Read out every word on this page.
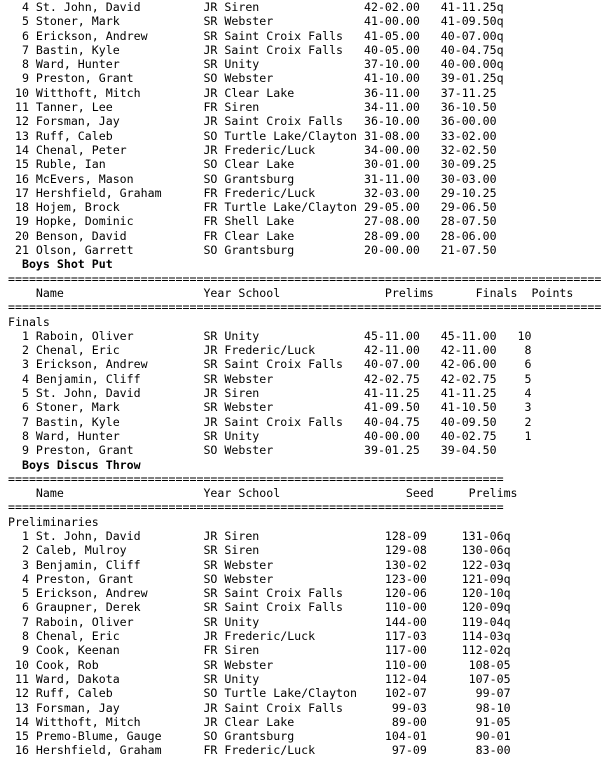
4 St. John, David         JR Siren               42-02.00   41-11.25q
5 Stoner, Mark            SR Webster             41-00.00   41-09.50q
6 Erickson, Andrew        SR Saint Croix Falls   41-05.00   40-07.00q
7 Bastin, Kyle            JR Saint Croix Falls   40-05.00   40-04.75q
8 Ward, Hunter            SR Unity               37-10.00   40-00.00q
9 Preston, Grant          SO Webster             41-10.00   39-01.25q
10 Witthoft, Mitch         JR Clear Lake          36-11.00   37-11.25
11 Tanner, Lee             FR Siren               34-11.00   36-10.50
12 Forsman, Jay            JR Saint Croix Falls   36-10.00   36-00.00
13 Ruff, Caleb             SO Turtle Lake/Clayton 31-08.00   33-02.00
14 Chenal, Peter           JR Frederic/Luck       34-00.00   32-02.50
15 Ruble, Ian              SO Clear Lake          30-01.00   30-09.25
16 McEvers, Mason          SO Grantsburg          31-11.00   30-03.00
17 Hershfield, Graham      FR Frederic/Luck       32-03.00   29-10.25
18 Hojem, Brock            FR Turtle Lake/Clayton 29-05.00   29-06.50
19 Hopke, Dominic          FR Shell Lake          27-08.00   28-07.50
20 Benson, David           FR Clear Lake          28-09.00   28-06.00
21 Olson, Garrett          SO Grantsburg          20-00.00   21-07.50
Boys Shot Put
=====================================================================================
Name                    Year School               Prelims      Finals  Points
=====================================================================================
Finals
1 Raboin, Oliver          SR Unity               45-11.00   45-11.00   10
2 Chenal, Eric            JR Frederic/Luck       42-11.00   42-11.00    8
3 Erickson, Andrew        SR Saint Croix Falls   40-07.00   42-06.00    6
4 Benjamin, Cliff         SR Webster             42-02.75   42-02.75    5
5 St. John, David         JR Siren               41-11.25   41-11.25    4
6 Stoner, Mark            SR Webster             41-09.50   41-10.50    3
7 Bastin, Kyle            JR Saint Croix Falls   40-04.75   40-09.50    2
8 Ward, Hunter            SR Unity               40-00.00   40-02.75    1
9 Preston, Grant          SO Webster             39-01.25   39-04.50
Boys Discus Throw
=======================================================================
Name                    Year School                  Seed     Prelims
=======================================================================
Preliminaries
1 St. John, David         JR Siren                  128-09     131-06q
2 Caleb, Mulroy           SR Siren                  129-08     130-06q
3 Benjamin, Cliff         SR Webster                130-02     122-03q
4 Preston, Grant          SO Webster                123-00     121-09q
5 Erickson, Andrew        SR Saint Croix Falls      120-06     120-10q
6 Graupner, Derek         SR Saint Croix Falls      110-00     120-09q
7 Raboin, Oliver          SR Unity                  144-00     119-04q
8 Chenal, Eric            JR Frederic/Luck          117-03     114-03q
9 Cook, Keenan            FR Siren                  117-00     112-02q
10 Cook, Rob               SR Webster                110-00      108-05
11 Ward, Dakota            SR Unity                  112-04      107-05
12 Ruff, Caleb             SO Turtle Lake/Clayton    102-07       99-07
13 Forsman, Jay            JR Saint Croix Falls       99-03       98-10
14 Witthoft, Mitch         JR Clear Lake              89-00       91-05
15 Premo-Blume, Gauge      SO Grantsburg             104-01       90-01
16 Hershfield, Graham      FR Frederic/Luck           97-09       83-00
